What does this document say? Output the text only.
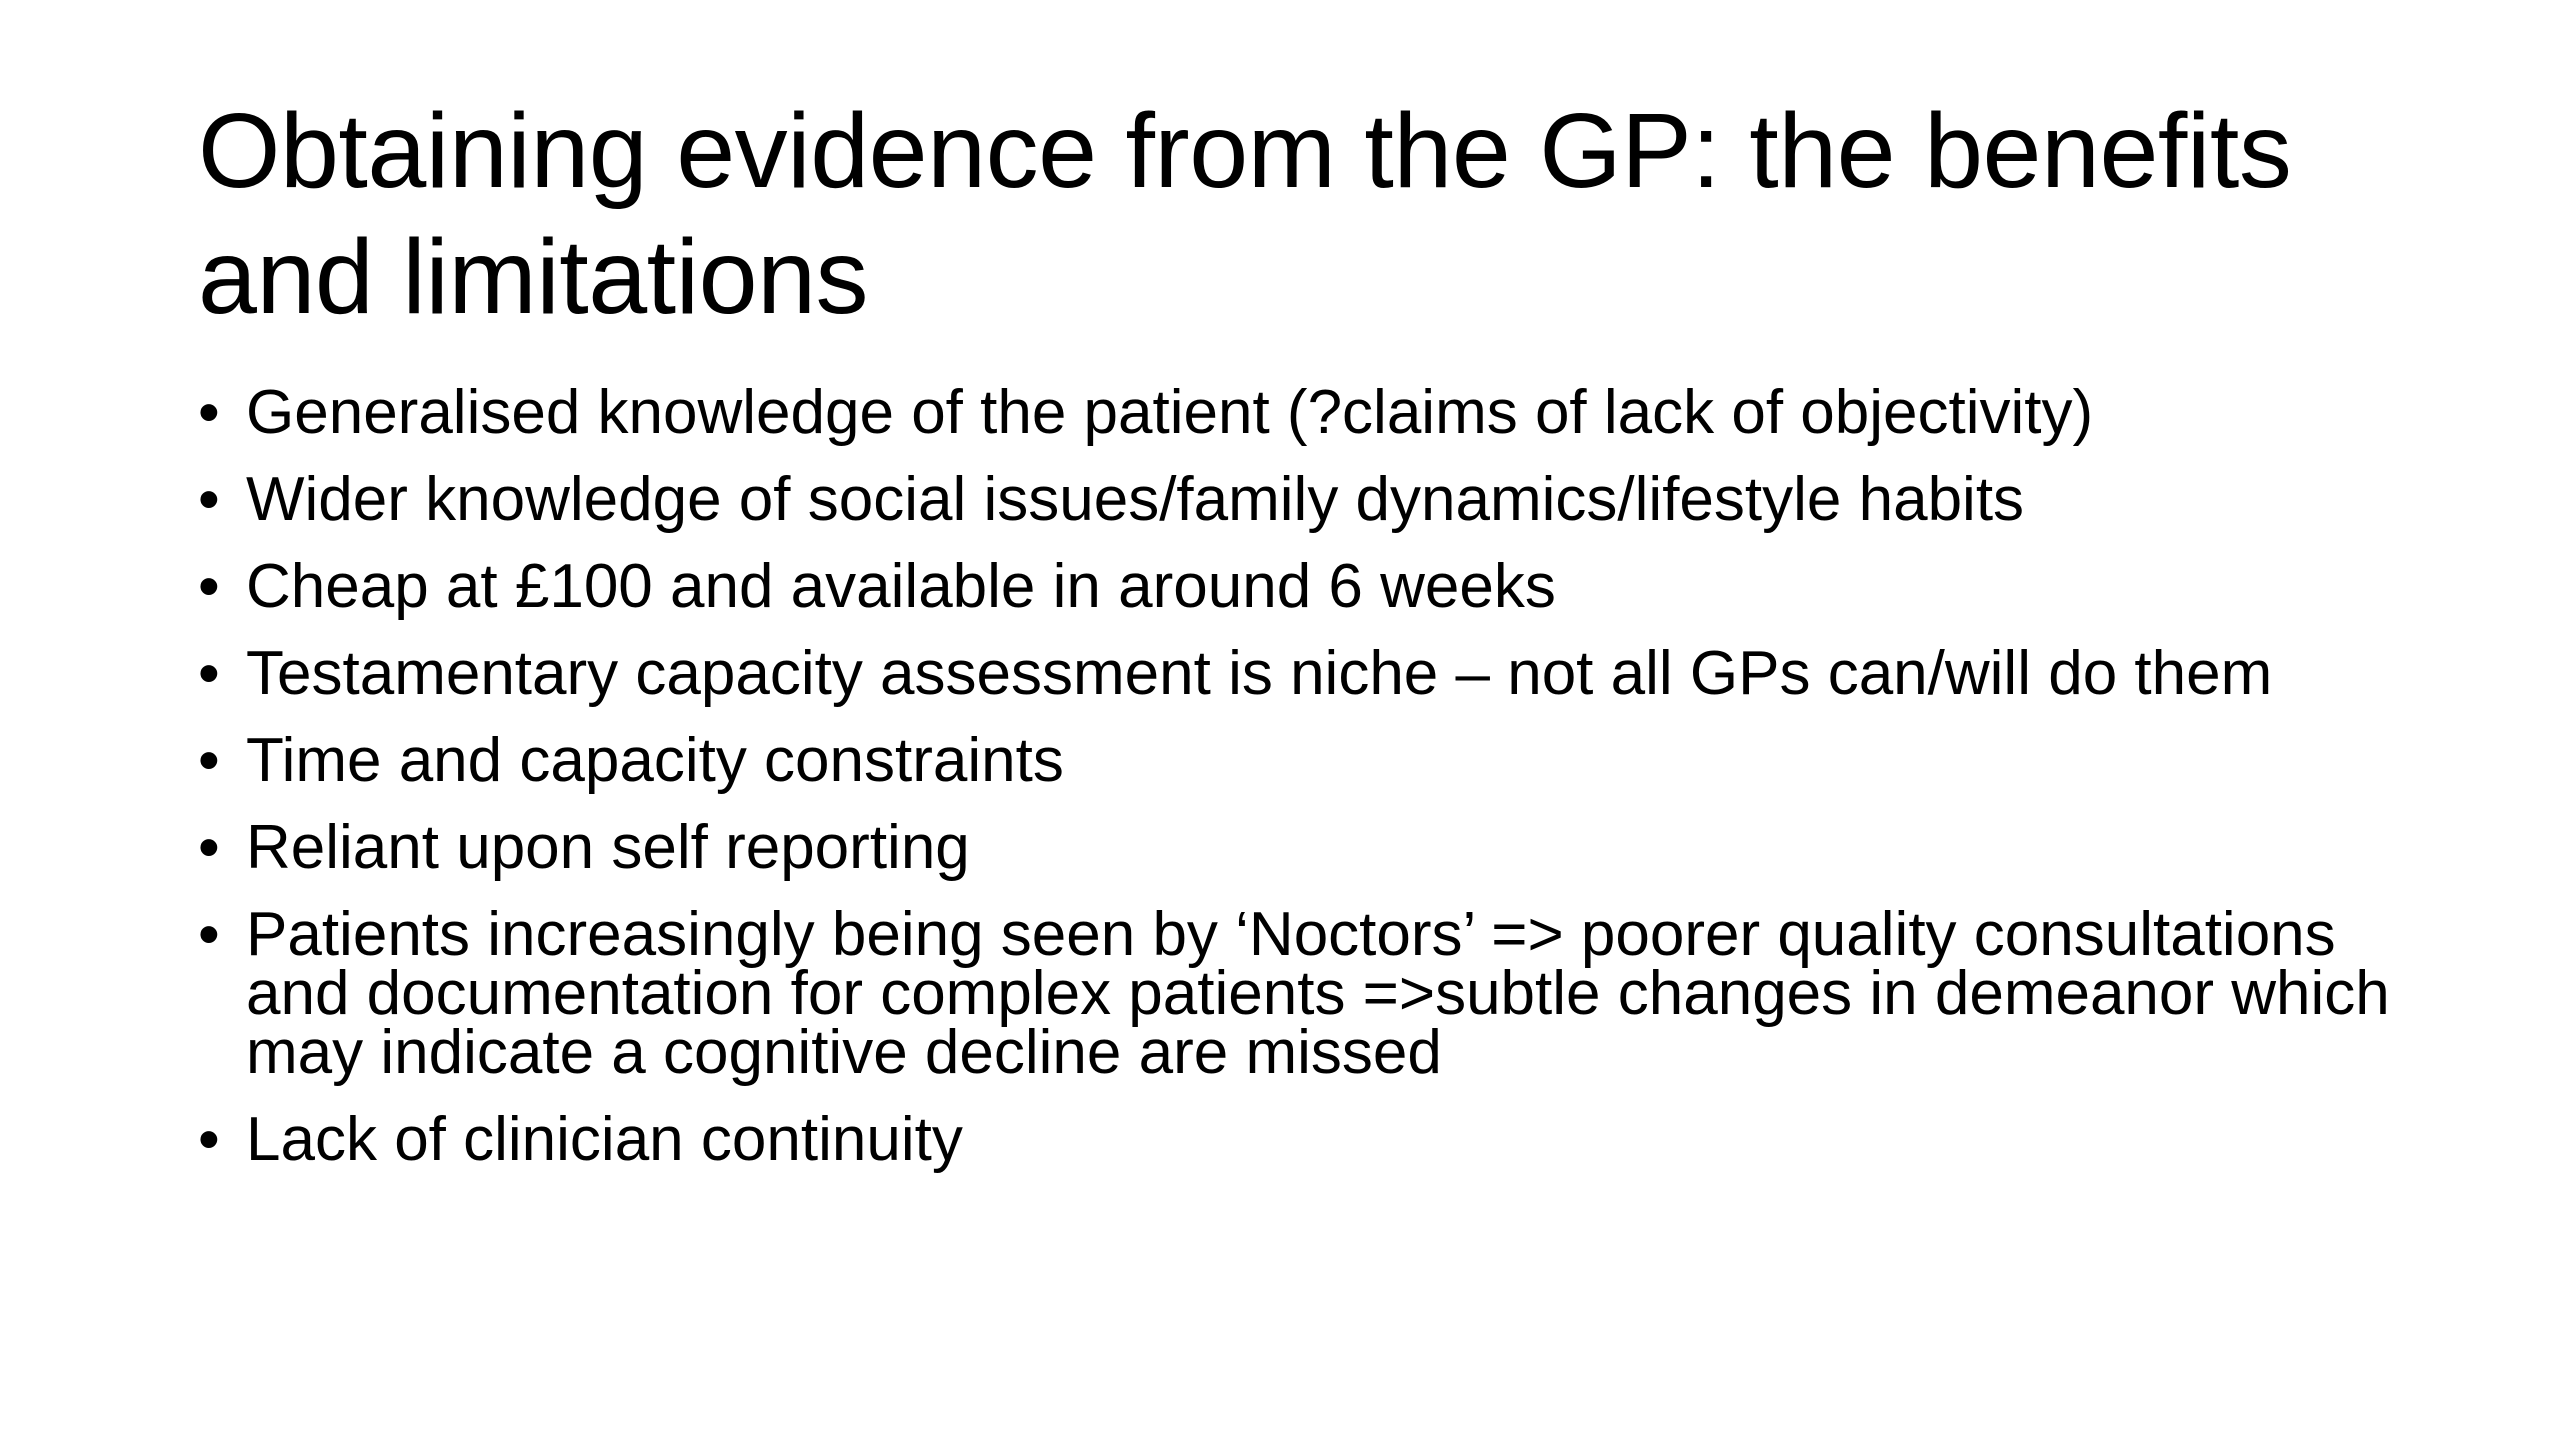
Obtaining evidence from the GP: the benefits and limitations
• Generalised knowledge of the patient (?claims of lack of objectivity)
• Wider knowledge of social issues/family dynamics/lifestyle habits
• Cheap at £100 and available in around 6 weeks
• Testamentary capacity assessment is niche – not all GPs can/will do them
• Time and capacity constraints
• Reliant upon self reporting
• Patients increasingly being seen by ‘Noctors’ => poorer quality consultations and documentation for complex patients =>subtle changes in demeanor which may indicate a cognitive decline are missed
• Lack of clinician continuity
